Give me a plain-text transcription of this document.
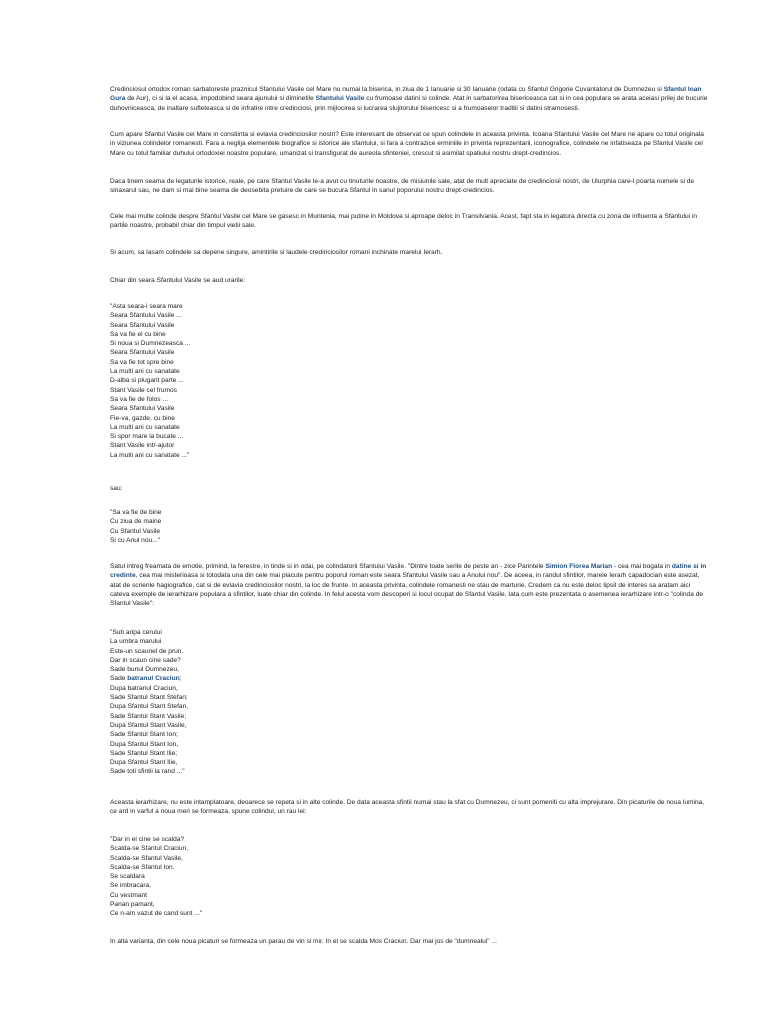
Credinciosul ortodox roman sarbatoreste praznicul Sfantului Vasile cel Mare nu numai la biserica, in ziua de 1 Ianuarie si 30 Ianuarie (odata cu Sfantul Grigorie Cuvantatorul de Dumnezeu si Sfantul Ioan Gura de Aur), ci si la el acasa, impodobind seara ajunului si diminetile Sfantului Vasile cu frumoase datini si colinde. Atat in sarbatorirea bisericeasca cat si in cea populara se arata aceiasi prilej de bucurie duhovniceasca, de inaltare sufleteasca si de infratire intre credinciosi, prin mijlocirea si lucrarea slujitorului bisericesc si a frumoaselor traditii si datini stramosesti.

Cum apare Sfantul Vasile cel Mare in constiinta si evlavia credinciosilor nostri? Este interesant de observat ce spun colindele in aceasta privinta. Icoana Sfantului Vasile cel Mare ne apare cu totul originala in viziunea colindelor romanesti. Fara a neglija elementele biografice si istorice ale sfantului, si fara a contrazice erminiile in privinta reprezentarii, iconografice, colindele ne infatiseaza pe Sfantul Vasile cel Mare cu totul familiar duhului ortodoxiei noastre populare, umanizat si transfigurat de aureola sfinteniei, crescut si asimilat spatiului nostru drept-credincios.

Daca tinem seama de legaturile istorice, reale, pe care Sfantul Vasile le-a avut cu tinuturile noastre, de misiunile sale, atat de mult apreciate de credinciosii nostri, de Ulurphia care-l poarta numele si de sinaxarul sau, ne dam si mai bine seama de deosebita pretuire de care se bucura Sfantul in sanul poporului nostru drept-credincios.

Cele mai multe colinde despre Sfantul Vasile cel Mare se gasesc in Muntenia, mai putine in Moldova si aproape deloc in Transilvania. Acest, fapt sta in legatura directa cu zona de influenta a Sfantului in partile noastre, probabil chiar din timpul vietii sale.

Si acum, sa lasam colindele sa depene singure, amintirile si laudele credinciosilor romani inchinate marelui Ierarh.

Chiar din seara Sfantului Vasile se aud urarile:

"Asta seara-i seara mare
Seara Sfantului Vasile ...
Seara Sfantului Vasile
Sa va fie el cu bine
Si noua si Dumnezeasca ...
Seara Sfantului Vasile
Sa va fie tot spre bine
La multi ani cu sanatate
D-alba si plugarit parte ...
Stant Vasile cel frumos
Sa va fie de folos ...
Seara Sfantului Vasile
Fie-va, gazde, cu bine
La multi ani cu sanatate
Si spor mare la bucate ...
Stant Vasile intr-ajutor
La multi ani cu sanatate ..."

sau:

"Sa va fie de bine
Cu ziua de maine
Cu Sfantul Vasile
Si cu Anul nou..."

Satul intreg freamata de emotie, primind, la ferestre, in tinde si in odai, pe colindatorii Sfantului Vasile. "Dintre toate serile de peste an - zice Parintele Simion Florea Marian - cea mai bogata in datine si in credinte, cea mai misterioasa si totodata una din cele mai placute pentru poporul roman este seara Sfantului Vasile sau a Anului nou". De aceea, in randul sfintilor, marele Ierarh capadocian este asezat, atat de scrierile hagiografice, cat si de evlavia credinciosilor nostri, la loc de frunte. In aceasta privinta, colindele romanesti ne stau de marturie. Credem ca nu este deloc lipsit de interes sa aratam aici cateva exemple de ierarhizare populara a sfintilor, luate chiar din colinde. In felul acesta vom descoperi si locul ocupat de Sfantul Vasile. Iata cum este prezentata o asemenea ierarhizare intr-o "colinda de Sfantul Vasile":

"Sub aripa cerului
La umbra marului
Este-un scaunel de prun.
Dar in scaun cine sade?
Sade bunul Dumnezeu,
Sade batranul Craciun;
Dupa batranul Craciun,
Sade Sfantul Stant Stefan;
Dupa Sfantul Stant Stefan,
Sade Sfantul Stant Vasile;
Dupa Sfantul Stant Vasile,
Sade Sfantul Stant Ion;
Dupa Sfantul Stant Ion,
Sade Sfantul Stant Ilie;
Dupa Sfantul Stant Ilie,
Sade toti sfintii la rand ..."

Aceasta ierarhizare, nu este intamplatoare, deoarece se repeta si in alte colinde. De data aceasta sfintii numai stau la sfat cu Dumnezeu, ci sunt pomeniti cu alta imprejurare. Din picaturile de noua lumina, ce ard in varful a noua meri se formeaza, spune colindul, un rau lei:

"Dar in el cine se scalda?
Scalda-se Sfantul Craciun,
Scalda-se Sfantul Vasile,
Scalda-se Sfantul Ion.
Se scaldara
Se imbracara,
Cu vestmant
Panan pamant,
Ce n-am vazut de cand sunt ..."

In alta varianta, din cele noua picaturi se formeaza un parau de vin si mir. In el se scalda Mos Craciun. Dar mai jos de "dumnealui" ...
